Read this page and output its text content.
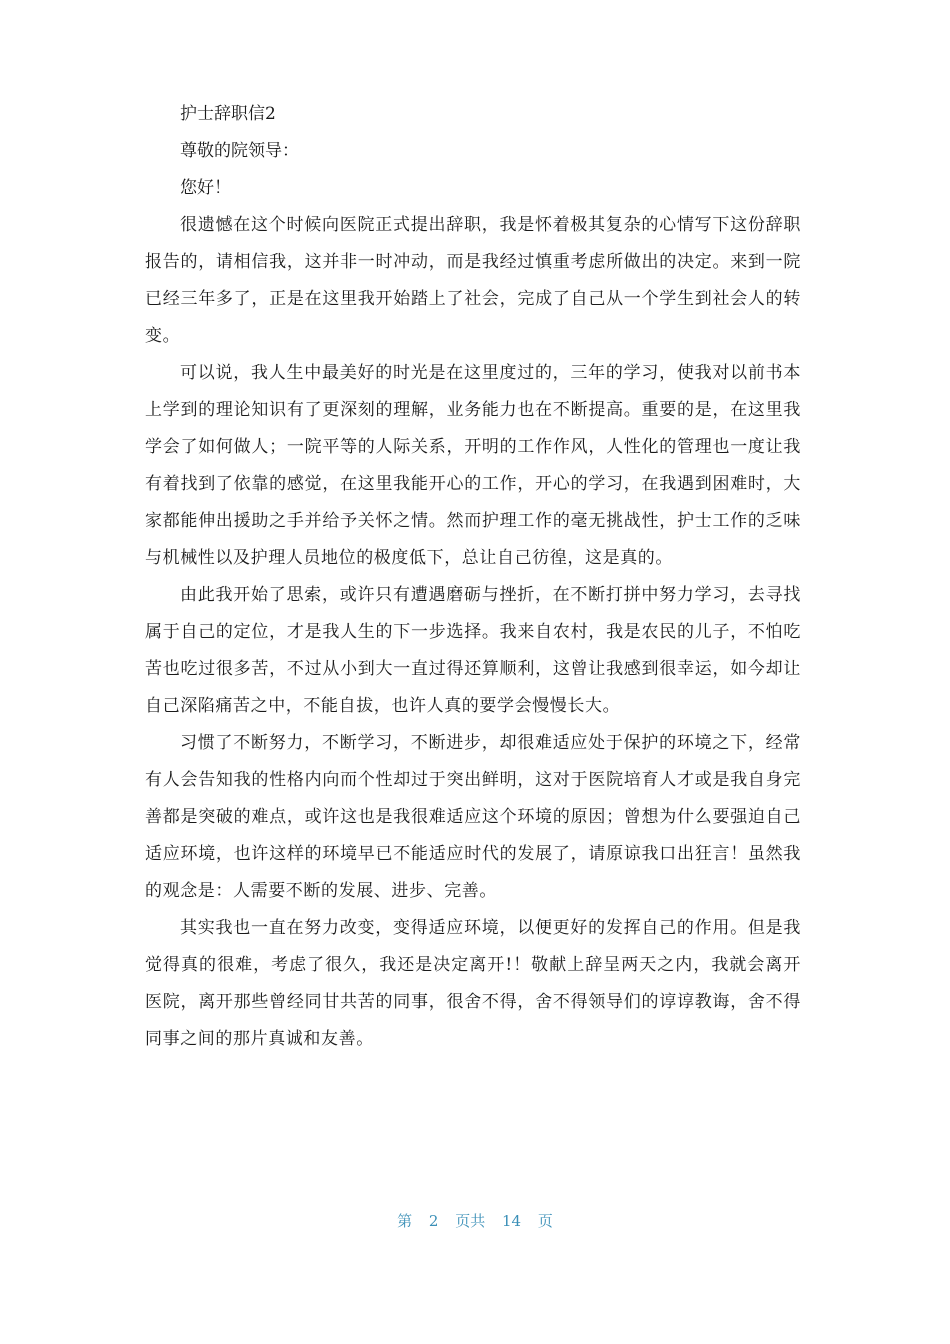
护士辞职信2

尊敬的院领导：

您好！

很遗憾在这个时候向医院正式提出辞职，我是怀着极其复杂的心情写下这份辞职报告的，请相信我，这并非一时冲动，而是我经过慎重考虑所做出的决定。来到一院已经三年多了，正是在这里我开始踏上了社会，完成了自己从一个学生到社会人的转变。

可以说，我人生中最美好的时光是在这里度过的，三年的学习，使我对以前书本上学到的理论知识有了更深刻的理解，业务能力也在不断提高。重要的是，在这里我学会了如何做人；一院平等的人际关系，开明的工作作风，人性化的管理也一度让我有着找到了依靠的感觉，在这里我能开心的工作，开心的学习，在我遇到困难时，大家都能伸出援助之手并给予关怀之情。然而护理工作的毫无挑战性，护士工作的乏味与机械性以及护理人员地位的极度低下，总让自己彷徨，这是真的。

由此我开始了思索，或许只有遭遇磨砺与挫折，在不断打拼中努力学习，去寻找属于自己的定位，才是我人生的下一步选择。我来自农村，我是农民的儿子，不怕吃苦也吃过很多苦，不过从小到大一直过得还算顺利，这曾让我感到很幸运，如今却让自己深陷痛苦之中，不能自拔，也许人真的要学会慢慢长大。

习惯了不断努力，不断学习，不断进步，却很难适应处于保护的环境之下，经常有人会告知我的性格内向而个性却过于突出鲜明，这对于医院培育人才或是我自身完善都是突破的难点，或许这也是我很难适应这个环境的原因；曾想为什么要强迫自己适应环境，也许这样的环境早已不能适应时代的发展了，请原谅我口出狂言！虽然我的观念是：人需要不断的发展、进步、完善。

其实我也一直在努力改变，变得适应环境，以便更好的发挥自己的作用。但是我觉得真的很难，考虑了很久，我还是决定离开!！敬献上辞呈两天之内，我就会离开医院，离开那些曾经同甘共苦的同事，很舍不得，舍不得领导们的谆谆教诲，舍不得同事之间的那片真诚和友善。

第 2 页共 14 页
